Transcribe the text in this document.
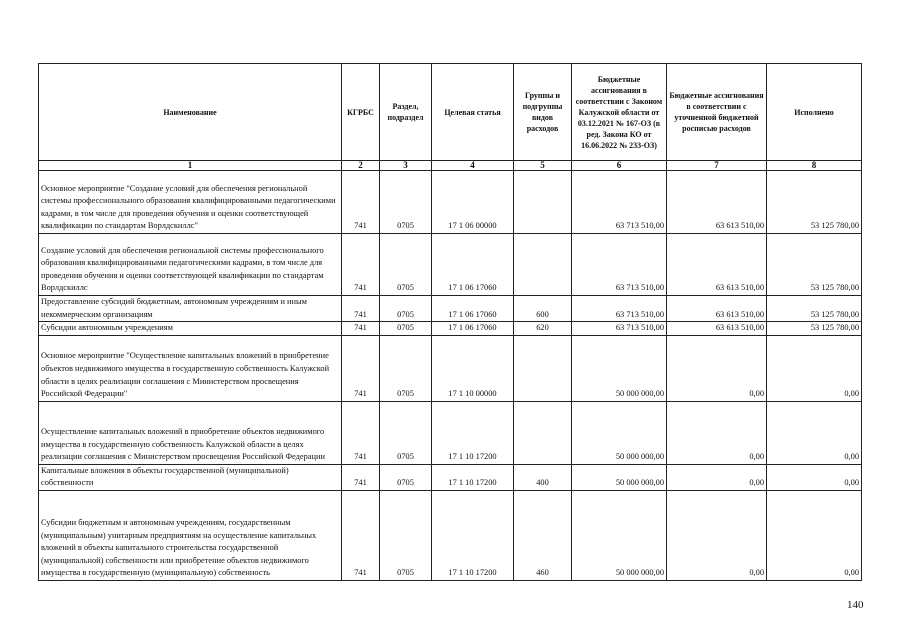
Наименование	КГРБС	Раздел, подраздел	Целевая статья	Группы и подгруппы видов расходов	Бюджетные ассигнования в соответствии с Законом Калужской области от 03.12.2021 № 167-ОЗ (в ред. Закона КО от 16.06.2022 № 233-ОЗ)	Бюджетные ассигнования в соответствии с уточненной бюджетной росписью расходов	Исполнено
1	2	3	4	5	6	7	8
Основное мероприятие "Создание условий для обеспечения региональной системы профессионального образования квалифицированными педагогическими кадрами, в том числе для проведения обучения и оценки соответствующей квалификации по стандартам Ворлдскиллс"	741	0705	17 1 06 00000		63 713 510,00	63 613 510,00	53 125 780,00
Создание условий для обеспечения региональной системы профессионального образования квалифицированными педагогическими кадрами, в том числе для проведения обучения и оценки соответствующей квалификации по стандартам Ворлдскиллс	741	0705	17 1 06 17060		63 713 510,00	63 613 510,00	53 125 780,00
Предоставление субсидий бюджетным, автономным учреждениям и иным некоммерческим организациям	741	0705	17 1 06 17060	600	63 713 510,00	63 613 510,00	53 125 780,00
Субсидии автономным учреждениям	741	0705	17 1 06 17060	620	63 713 510,00	63 613 510,00	53 125 780,00
Основное мероприятие "Осуществление капитальных вложений в приобретение объектов недвижимого имущества в государственную собственность Калужской области в целях реализации соглашения с Министерством просвещения Российской Федерации"	741	0705	17 1 10 00000		50 000 000,00	0,00	0,00
Осуществление капитальных вложений в приобретение объектов недвижимого имущества в государственную собственность Калужской области в целях реализации соглашения с Министерством просвещения Российской Федерации	741	0705	17 1 10 17200		50 000 000,00	0,00	0,00
Капитальные вложения в объекты государственной (муниципальной) собственности	741	0705	17 1 10 17200	400	50 000 000,00	0,00	0,00
Субсидии бюджетным и автономным учреждениям, государственным (муниципальным) унитарным предприятиям на осуществление капитальных вложений в объекты капитального строительства государственной (муниципальной) собственности или приобретение объектов недвижимого имущества в государственную (муниципальную) собственность	741	0705	17 1 10 17200	460	50 000 000,00	0,00	0,00
140
